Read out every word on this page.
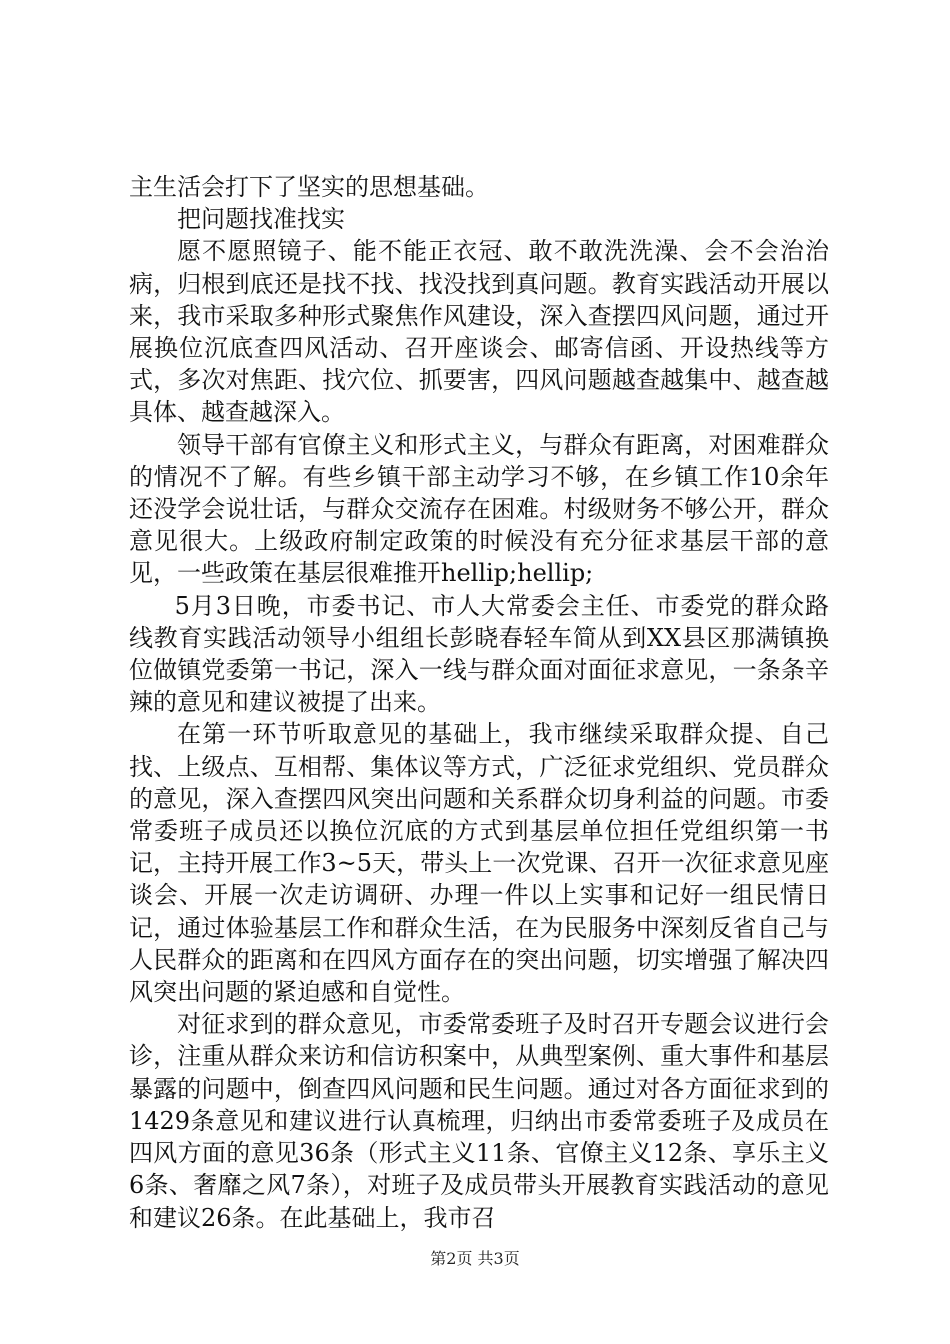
主生活会打下了坚实的思想基础。

把问题找准找实

愿不愿照镜子、能不能正衣冠、敢不敢洗洗澡、会不会治治病，归根到底还是找不找、找没找到真问题。教育实践活动开展以来，我市采取多种形式聚焦作风建设，深入查摆四风问题，通过开展换位沉底查四风活动、召开座谈会、邮寄信函、开设热线等方式，多次对焦距、找穴位、抓要害，四风问题越查越集中、越查越具体、越查越深入。

领导干部有官僚主义和形式主义，与群众有距离，对困难群众的情况不了解。有些乡镇干部主动学习不够，在乡镇工作10余年还没学会说壮话，与群众交流存在困难。村级财务不够公开，群众意见很大。上级政府制定政策的时候没有充分征求基层干部的意见，一些政策在基层很难推开hellip;hellip;

5月3日晚，市委书记、市人大常委会主任、市委党的群众路线教育实践活动领导小组组长彭晓春轻车简从到XX县区那满镇换位做镇党委第一书记，深入一线与群众面对面征求意见，一条条辛辣的意见和建议被提了出来。

在第一环节听取意见的基础上，我市继续采取群众提、自己找、上级点、互相帮、集体议等方式，广泛征求党组织、党员群众的意见，深入查摆四风突出问题和关系群众切身利益的问题。市委常委班子成员还以换位沉底的方式到基层单位担任党组织第一书记，主持开展工作3~5天，带头上一次党课、召开一次征求意见座谈会、开展一次走访调研、办理一件以上实事和记好一组民情日记，通过体验基层工作和群众生活，在为民服务中深刻反省自己与人民群众的距离和在四风方面存在的突出问题，切实增强了解决四风突出问题的紧迫感和自觉性。

对征求到的群众意见，市委常委班子及时召开专题会议进行会诊，注重从群众来访和信访积案中，从典型案例、重大事件和基层暴露的问题中，倒查四风问题和民生问题。通过对各方面征求到的1429条意见和建议进行认真梳理，归纳出市委常委班子及成员在四风方面的意见36条（形式主义11条、官僚主义12条、享乐主义6条、奢靡之风7条），对班子及成员带头开展教育实践活动的意见和建议26条。在此基础上，我市召

第2页 共3页
